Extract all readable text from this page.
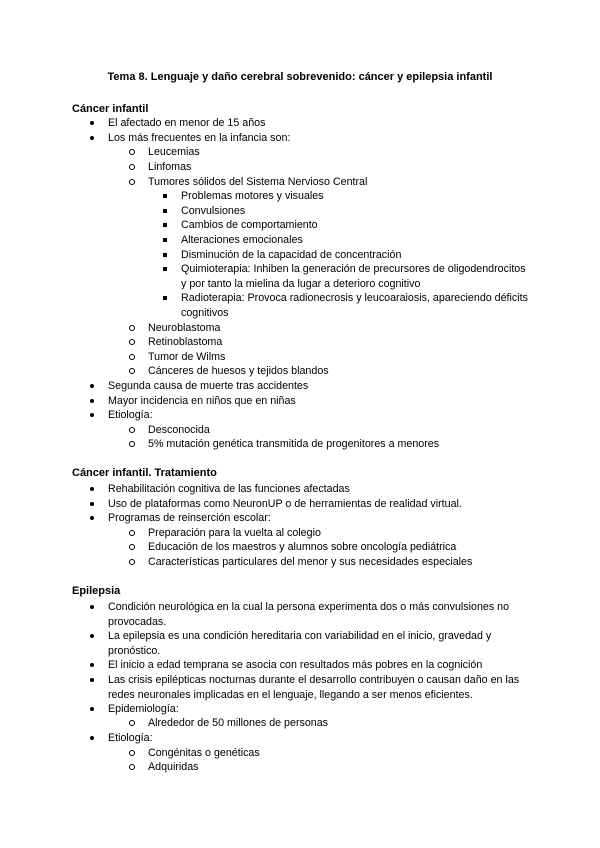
Tema 8. Lenguaje y daño cerebral sobrevenido: cáncer y epilepsia infantil
Cáncer infantil
El afectado en menor de 15 años
Los más frecuentes en la infancia son:
Leucemias
Linfomas
Tumores sólidos del Sistema Nervioso Central
Problemas motores y visuales
Convulsiones
Cambios de comportamiento
Alteraciones emocionales
Disminución de la capacidad de concentración
Quimioterapia: Inhiben la generación de precursores de oligodendrocitos y por tanto la mielina da lugar a deterioro cognitivo
Radioterapia: Provoca radionecrosis y leucoaraiosis, apareciendo déficits cognitivos
Neuroblastoma
Retinoblastoma
Tumor de Wilms
Cánceres de huesos y tejidos blandos
Segunda causa de muerte tras accidentes
Mayor incidencia en niños que en niñas
Etiología:
Desconocida
5% mutación genética transmitida de progenitores a menores
Cáncer infantil. Tratamiento
Rehabilitación cognitiva de las funciones afectadas
Uso de plataformas como NeuronUP o de herramientas de realidad virtual.
Programas de reinserción escolar:
Preparación para la vuelta al colegio
Educación de los maestros y alumnos sobre oncología pediátrica
Características particulares del menor y sus necesidades especiales
Epilepsia
Condición neurológica en la cual la persona experimenta dos o más convulsiones no provocadas.
La epilepsia es una condición hereditaria con variabilidad en el inicio, gravedad y pronóstico.
El inicio a edad temprana se asocia con resultados más pobres en la cognición
Las crisis epilépticas nocturnas durante el desarrollo contribuyen o causan daño en las redes neuronales implicadas en el lenguaje, llegando a ser menos eficientes.
Epidemiología:
Alrededor de 50 millones de personas
Etiología:
Congénitas o genéticas
Adquiridas
